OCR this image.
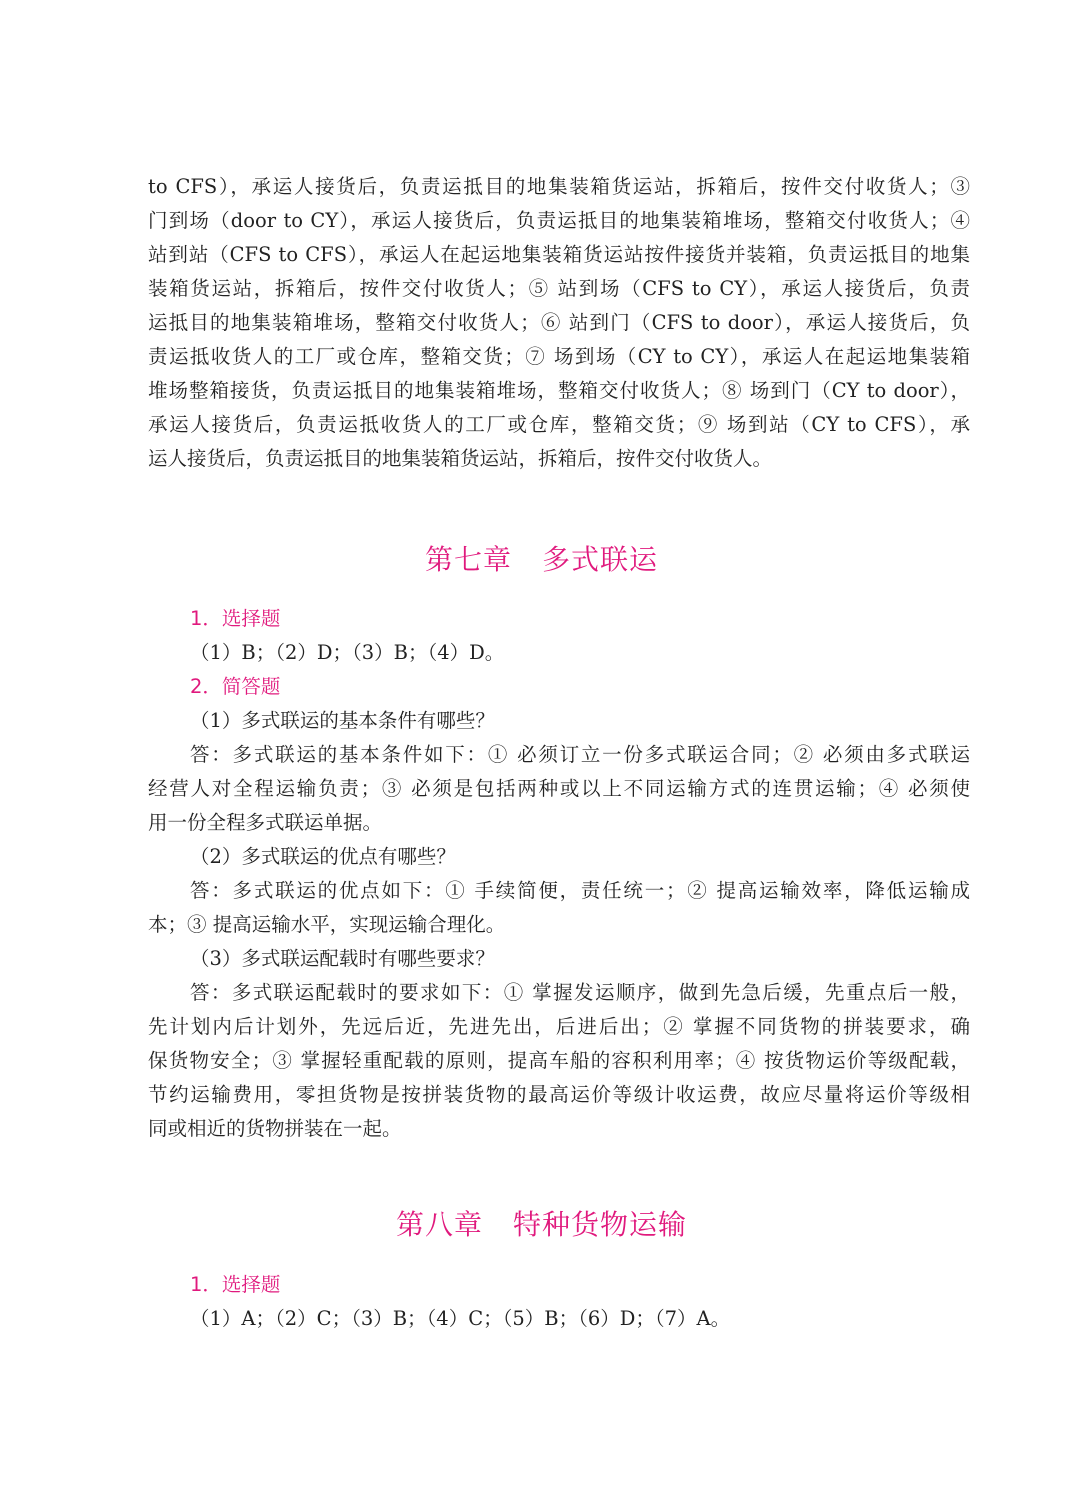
to CFS），承运人接货后，负责运抵目的地集装箱货运站，拆箱后，按件交付收货人；③
门到场（door to CY），承运人接货后，负责运抵目的地集装箱堆场，整箱交付收货人；④
站到站（CFS to CFS），承运人在起运地集装箱货运站按件接货并装箱，负责运抵目的地集
装箱货运站，拆箱后，按件交付收货人；⑤ 站到场（CFS to CY），承运人接货后，负责
运抵目的地集装箱堆场，整箱交付收货人；⑥ 站到门（CFS to door），承运人接货后，负
责运抵收货人的工厂或仓库，整箱交货；⑦ 场到场（CY to CY），承运人在起运地集装箱
堆场整箱接货，负责运抵目的地集装箱堆场，整箱交付收货人；⑧ 场到门（CY to door），
承运人接货后，负责运抵收货人的工厂或仓库，整箱交货；⑨ 场到站（CY to CFS），承
运人接货后，负责运抵目的地集装箱货运站，拆箱后，按件交付收货人。
第七章 多式联运
1．选择题
（1）B；（2）D；（3）B；（4）D。
2．简答题
（1）多式联运的基本条件有哪些？
答：多式联运的基本条件如下：① 必须订立一份多式联运合同；② 必须由多式联运
经营人对全程运输负责；③ 必须是包括两种或以上不同运输方式的连贯运输；④ 必须使
用一份全程多式联运单据。
（2）多式联运的优点有哪些？
答：多式联运的优点如下：① 手续简便，责任统一；② 提高运输效率，降低运输成
本；③ 提高运输水平，实现运输合理化。
（3）多式联运配载时有哪些要求？
答：多式联运配载时的要求如下：① 掌握发运顺序，做到先急后缓，先重点后一般，
先计划内后计划外，先远后近，先进先出，后进后出；② 掌握不同货物的拼装要求，确
保货物安全；③ 掌握轻重配载的原则，提高车船的容积利用率；④ 按货物运价等级配载，
节约运输费用，零担货物是按拼装货物的最高运价等级计收运费，故应尽量将运价等级相
同或相近的货物拼装在一起。
第八章 特种货物运输
1．选择题
（1）A；（2）C；（3）B；（4）C；（5）B；（6）D；（7）A。
